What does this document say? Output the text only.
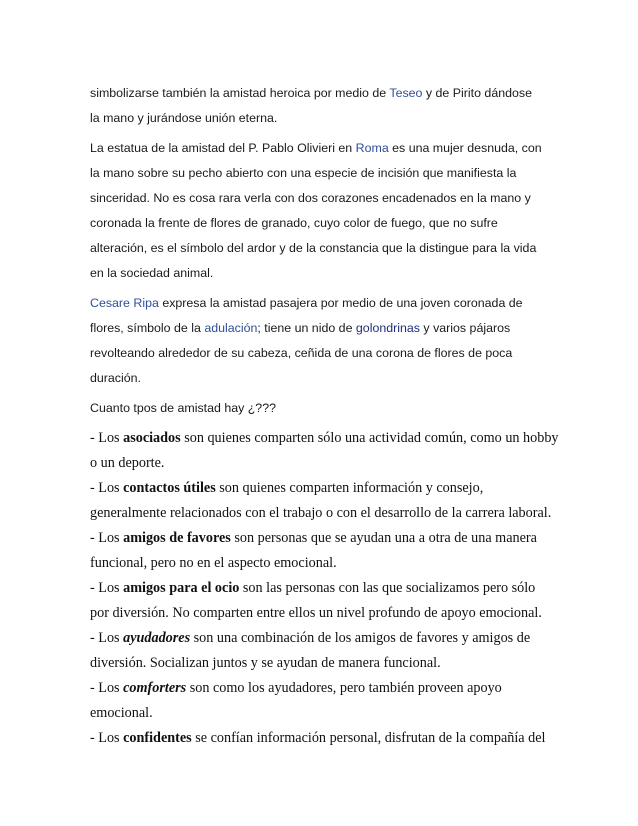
simbolizarse también la amistad heroica por medio de Teseo y de Pirito dándose

la mano y jurándose unión eterna.

La estatua de la amistad del P. Pablo Olivieri en Roma es una mujer desnuda, con

la mano sobre su pecho abierto con una especie de incisión que manifiesta la

sinceridad. No es cosa rara verla con dos corazones encadenados en la mano y

coronada la frente de flores de granado, cuyo color de fuego, que no sufre

alteración, es el símbolo del ardor y de la constancia que la distingue para la vida

en la sociedad animal.

Cesare Ripa expresa la amistad pasajera por medio de una joven coronada de

flores, símbolo de la adulación; tiene un nido de golondrinas y varios pájaros

revolteando alrededor de su cabeza, ceñida de una corona de flores de poca

duración.

Cuanto tpos de amistad hay ¿???

- Los asociados son quienes comparten sólo una actividad común, como un hobby

o un deporte.

- Los contactos útiles son quienes comparten información y consejo,

generalmente relacionados con el trabajo o con el desarrollo de la carrera laboral.

- Los amigos de favores son personas que se ayudan una a otra de una manera

funcional, pero no en el aspecto emocional.

- Los amigos para el ocio son las personas con las que socializamos pero sólo

por diversión. No comparten entre ellos un nivel profundo de apoyo emocional.

- Los ayudadores son una combinación de los amigos de favores y amigos de

diversión. Socializan juntos y se ayudan de manera funcional.

- Los comforters son como los ayudadores, pero también proveen apoyo

emocional.

- Los confidentes se confían información personal, disfrutan de la compañía del
